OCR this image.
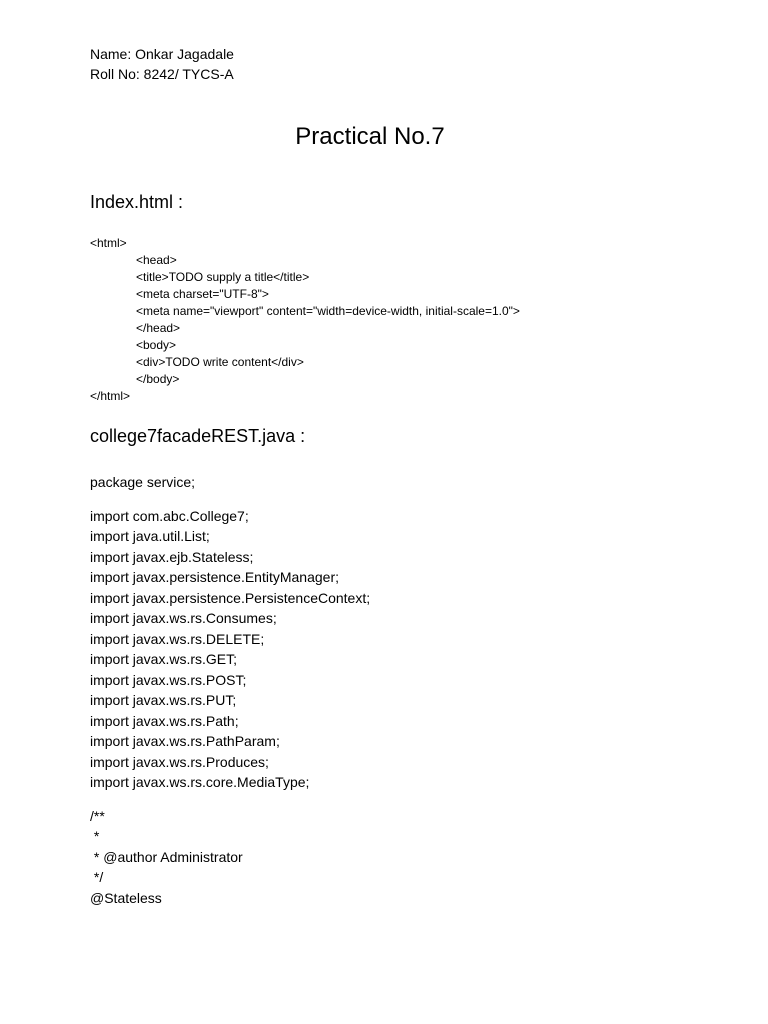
Name: Onkar Jagadale
Roll No: 8242/ TYCS-A
Practical No.7
Index.html :
<html>
<head>
<title>TODO supply a title</title>
<meta charset="UTF-8">
<meta name="viewport" content="width=device-width, initial-scale=1.0">
</head>
<body>
<div>TODO write content</div>
</body>
</html>
college7facadeREST.java :
package service;
import com.abc.College7;
import java.util.List;
import javax.ejb.Stateless;
import javax.persistence.EntityManager;
import javax.persistence.PersistenceContext;
import javax.ws.rs.Consumes;
import javax.ws.rs.DELETE;
import javax.ws.rs.GET;
import javax.ws.rs.POST;
import javax.ws.rs.PUT;
import javax.ws.rs.Path;
import javax.ws.rs.PathParam;
import javax.ws.rs.Produces;
import javax.ws.rs.core.MediaType;
/**
*
* @author Administrator
*/
@Stateless
